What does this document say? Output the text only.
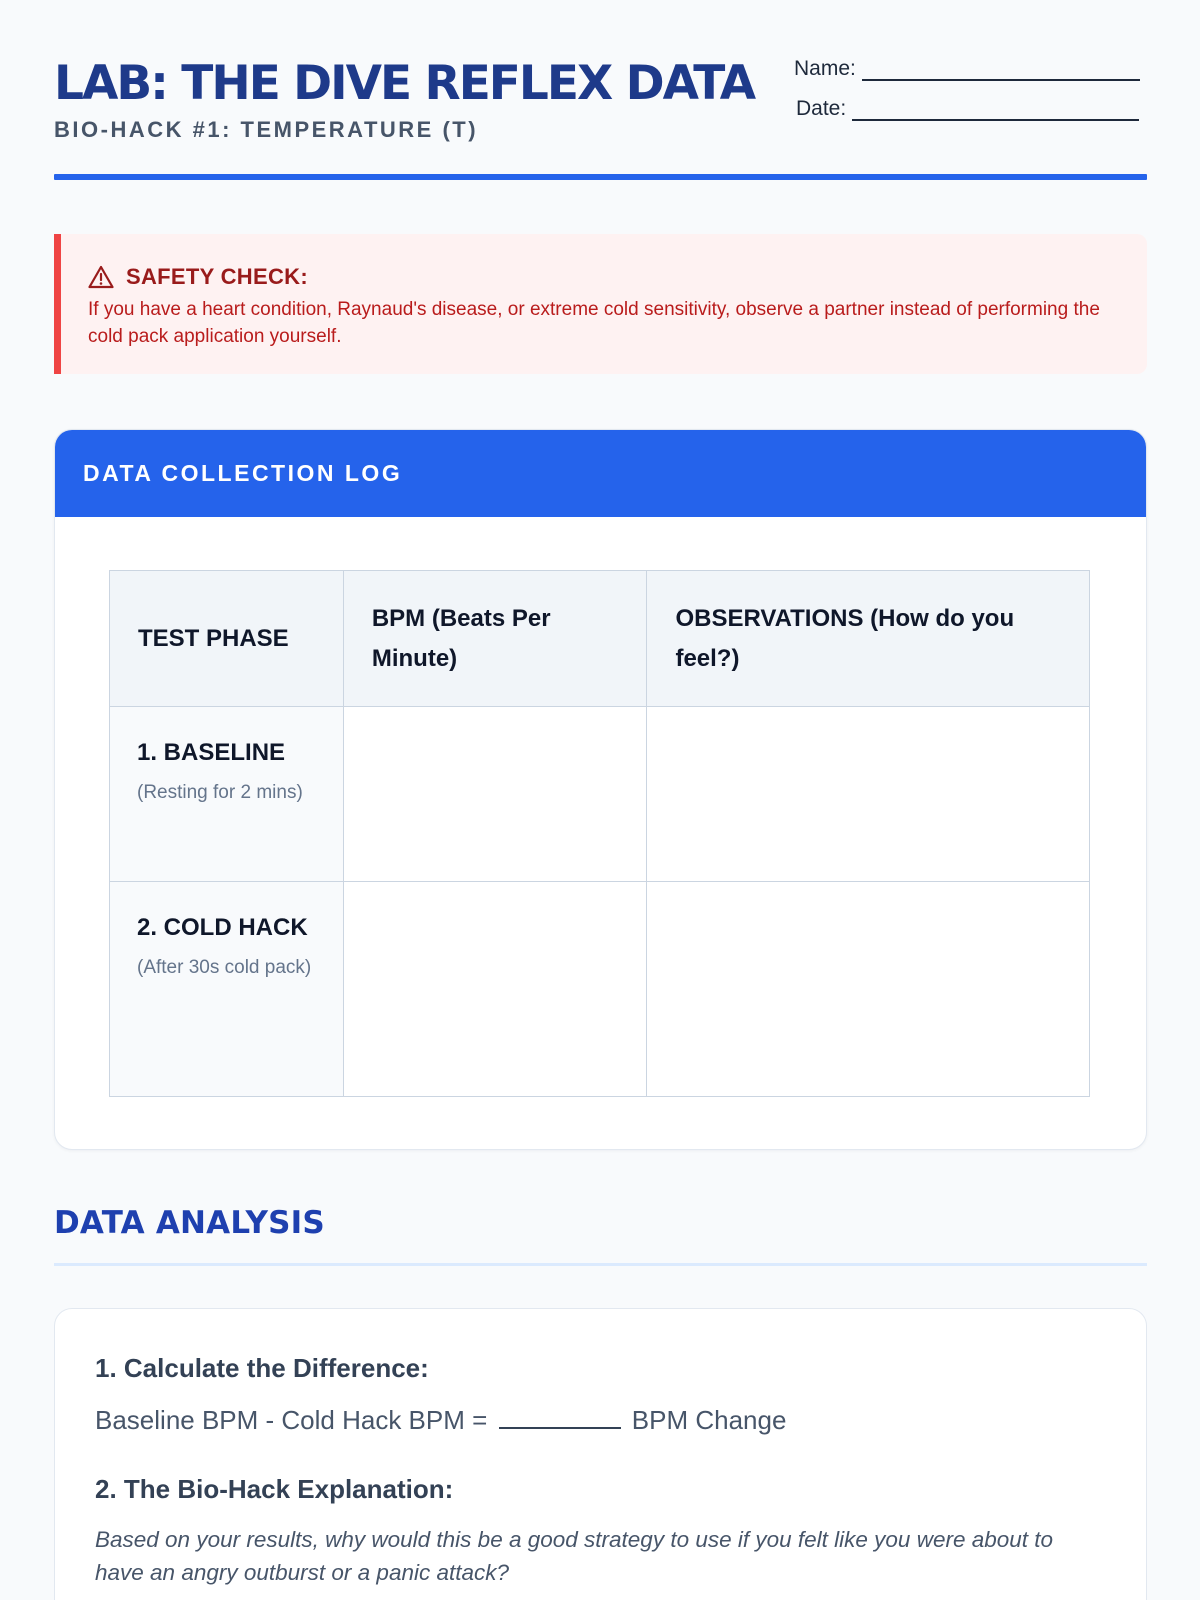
LAB: THE DIVE REFLEX DATA
BIO-HACK #1: TEMPERATURE (T)
Name:
Date:
SAFETY CHECK:
If you have a heart condition, Raynaud's disease, or extreme cold sensitivity, observe a partner instead of performing the cold pack application yourself.
DATA COLLECTION LOG
TEST PHASE	BPM (Beats Per Minute)	OBSERVATIONS (How do you feel?)
1. BASELINE
(Resting for 2 mins)		

2. COLD HACK
(After 30s cold pack)		

DATA ANALYSIS
1. Calculate the Difference:
Baseline BPM - Cold Hack BPM =	BPM Change
2. The Bio-Hack Explanation:
Based on your results, why would this be a good strategy to use if you felt like you were about to have an angry outburst or a panic attack?
